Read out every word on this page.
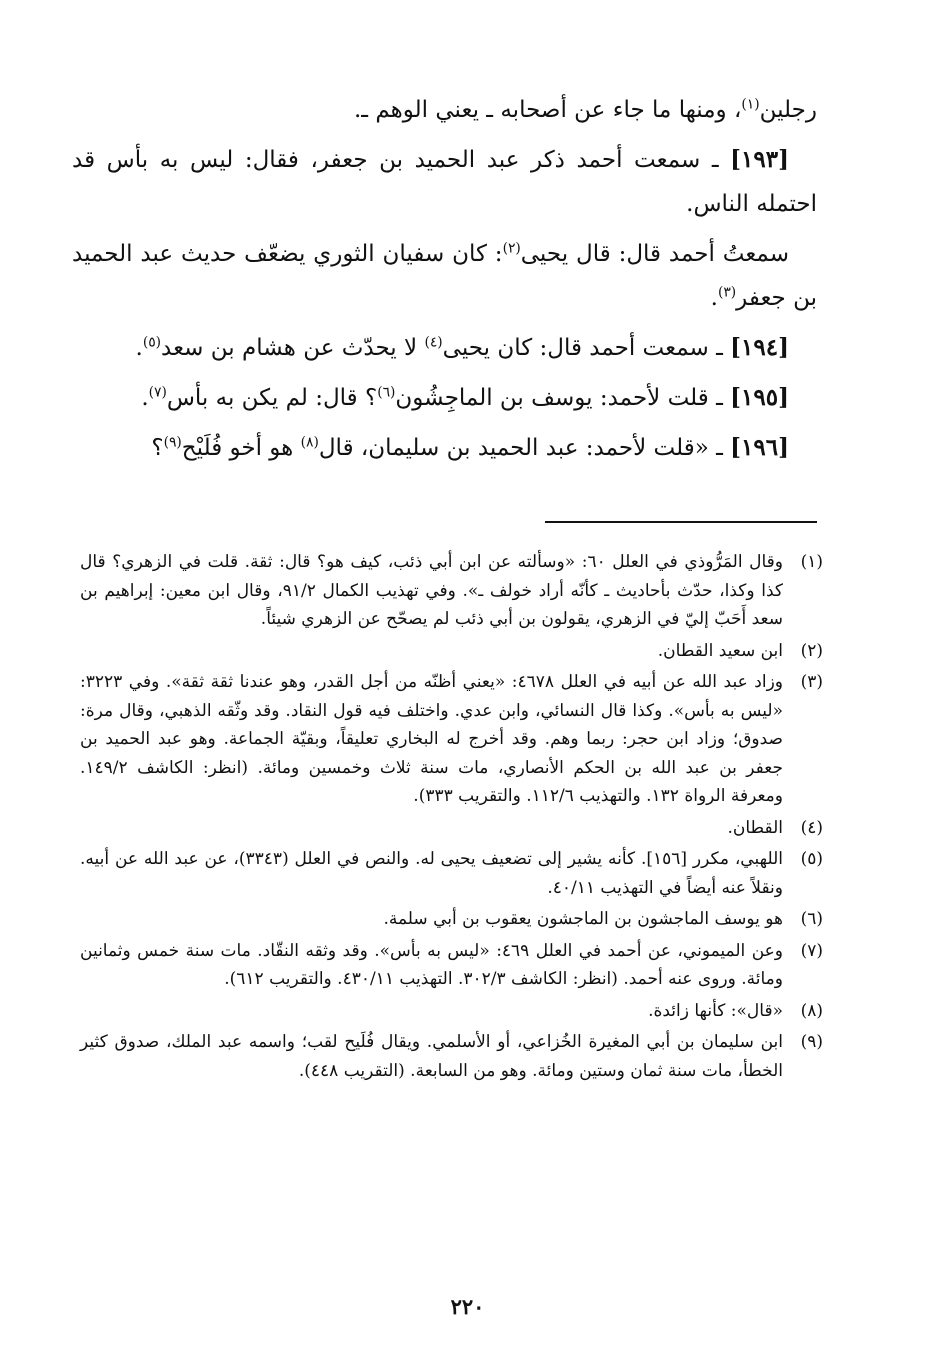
رجلين$^{(١)}$، ومنها ما جاء عن أصحابه ـ يعني الوهم ـ.

[١٩٣] ـ سمعت أحمد ذكر عبد الحميد بن جعفر، فقال: ليس به بأس قد احتمله الناس.

سمعتُ أحمد قال: قال يحيى$^{(٢)}$: كان سفيان الثوري يضعّف حديث عبد الحميد بن جعفر$^{(٣)}$.

[١٩٤] ـ سمعت أحمد قال: كان يحيى$^{(٤)}$ لا يحدّث عن هشام بن سعد$^{(٥)}$.

[١٩٥] ـ قلت لأحمد: يوسف بن الماجِشُون$^{(٦)}$؟ قال: لم يكن به بأس$^{(٧)}$.

[١٩٦] ـ «قلت لأحمد: عبد الحميد بن سليمان، قال$^{(٨)}$ هو أخو فُلَيْح$^{(٩)}$؟

(١)
وقال المَرُّوذي في العلل ٦٠: «وسألته عن ابن أبي ذئب، كيف هو؟ قال: ثقة. قلت في الزهري؟ قال كذا وكذا، حدّث بأحاديث ـ كأنّه أراد خولف ـ». وفي تهذيب الكمال ٩١/٢، وقال ابن معين: إبراهيم بن سعد أَحَبّ إليّ في الزهري، يقولون بن أبي ذئب لم يصحّح عن الزهري شيئاً.
(٢)
ابن سعيد القطان.
(٣)
وزاد عبد الله عن أبيه في العلل ٤٦٧٨: «يعني أظنّه من أجل القدر، وهو عندنا ثقة ثقة». وفي ٣٢٢٣: «ليس به بأس». وكذا قال النسائي، وابن عدي. واختلف فيه قول النقاد. وقد وثّقه الذهبي، وقال مرة: صدوق؛ وزاد ابن حجر: ربما وهم. وقد أخرج له البخاري تعليقاً، وبقيّة الجماعة. وهو عبد الحميد بن جعفر بن عبد الله بن الحكم الأنصاري، مات سنة ثلاث وخمسين ومائة. (انظر: الكاشف ١٤٩/٢. ومعرفة الرواة ١٣٢. والتهذيب ١١٢/٦. والتقريب ٣٣٣).
(٤)
القطان.
(٥)
اللهبي، مكرر [١٥٦]. كأنه يشير إلى تضعيف يحيى له. والنص في العلل (٣٣٤٣)، عن عبد الله عن أبيه. ونقلاً عنه أيضاً في التهذيب ٤٠/١١.
(٦)
هو يوسف الماجشون بن الماجشون يعقوب بن أبي سلمة.
(٧)
وعن الميموني، عن أحمد في العلل ٤٦٩: «ليس به بأس». وقد وثقه النقّاد. مات سنة خمس وثمانين ومائة. وروى عنه أحمد. (انظر: الكاشف ٣٠٢/٣. التهذيب ٤٣٠/١١. والتقريب ٦١٢).
(٨)
«قال»: كأنها زائدة.
(٩)
ابن سليمان بن أبي المغيرة الخُزاعي، أو الأسلمي. ويقال فُلَيح لقب؛ واسمه عبد الملك، صدوق كثير الخطأ، مات سنة ثمان وستين ومائة. وهو من السابعة. (التقريب ٤٤٨).
٢٢٠
